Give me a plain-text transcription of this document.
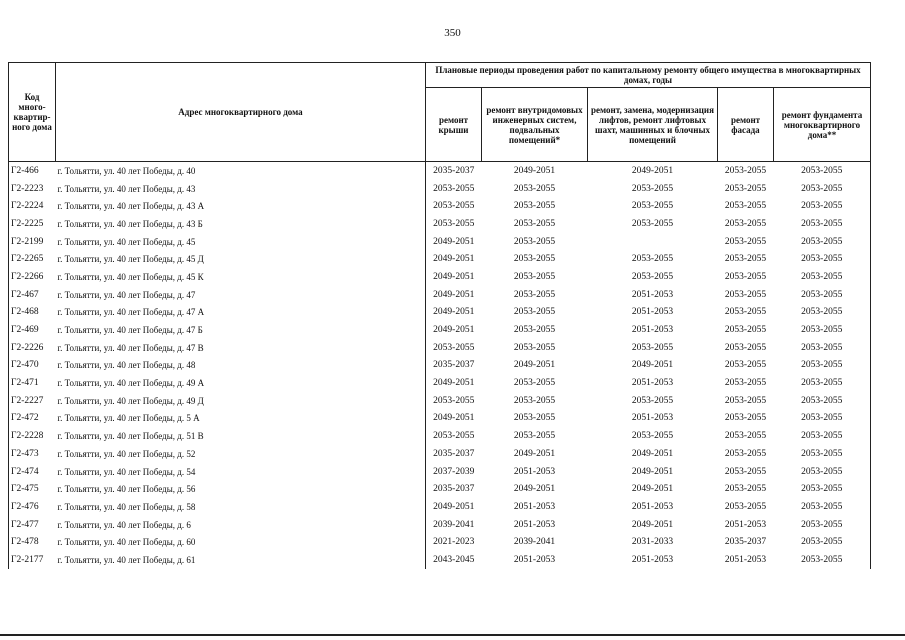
350
Код много-квартир-ного дома	Адрес многоквартирного дома	Плановые периоды проведения работ по капитальному ремонту общего имущества в многоквартирных домах, годы				
		ремонт крыши	ремонт внутридомовых инженерных систем, подвальных помещений*	ремонт, замена, модернизация лифтов, ремонт лифтовых шахт, машинных и блочных помещений	ремонт фасада	ремонт фундамента многоквартирного дома**
Г2-466	г. Тольятти, ул. 40 лет Победы, д. 40	2035-2037	2049-2051	2049-2051	2053-2055	2053-2055
Г2-2223	г. Тольятти, ул. 40 лет Победы, д. 43	2053-2055	2053-2055	2053-2055	2053-2055	2053-2055
Г2-2224	г. Тольятти, ул. 40 лет Победы, д. 43 А	2053-2055	2053-2055	2053-2055	2053-2055	2053-2055
Г2-2225	г. Тольятти, ул. 40 лет Победы, д. 43 Б	2053-2055	2053-2055	2053-2055	2053-2055	2053-2055
Г2-2199	г. Тольятти, ул. 40 лет Победы, д. 45	2049-2051	2053-2055		2053-2055	2053-2055
Г2-2265	г. Тольятти, ул. 40 лет Победы, д. 45 Д	2049-2051	2053-2055	2053-2055	2053-2055	2053-2055
Г2-2266	г. Тольятти, ул. 40 лет Победы, д. 45 К	2049-2051	2053-2055	2053-2055	2053-2055	2053-2055
Г2-467	г. Тольятти, ул. 40 лет Победы, д. 47	2049-2051	2053-2055	2051-2053	2053-2055	2053-2055
Г2-468	г. Тольятти, ул. 40 лет Победы, д. 47 А	2049-2051	2053-2055	2051-2053	2053-2055	2053-2055
Г2-469	г. Тольятти, ул. 40 лет Победы, д. 47 Б	2049-2051	2053-2055	2051-2053	2053-2055	2053-2055
Г2-2226	г. Тольятти, ул. 40 лет Победы, д. 47 В	2053-2055	2053-2055	2053-2055	2053-2055	2053-2055
Г2-470	г. Тольятти, ул. 40 лет Победы, д. 48	2035-2037	2049-2051	2049-2051	2053-2055	2053-2055
Г2-471	г. Тольятти, ул. 40 лет Победы, д. 49 А	2049-2051	2053-2055	2051-2053	2053-2055	2053-2055
Г2-2227	г. Тольятти, ул. 40 лет Победы, д. 49 Д	2053-2055	2053-2055	2053-2055	2053-2055	2053-2055
Г2-472	г. Тольятти, ул. 40 лет Победы, д. 5 А	2049-2051	2053-2055	2051-2053	2053-2055	2053-2055
Г2-2228	г. Тольятти, ул. 40 лет Победы, д. 51 В	2053-2055	2053-2055	2053-2055	2053-2055	2053-2055
Г2-473	г. Тольятти, ул. 40 лет Победы, д. 52	2035-2037	2049-2051	2049-2051	2053-2055	2053-2055
Г2-474	г. Тольятти, ул. 40 лет Победы, д. 54	2037-2039	2051-2053	2049-2051	2053-2055	2053-2055
Г2-475	г. Тольятти, ул. 40 лет Победы, д. 56	2035-2037	2049-2051	2049-2051	2053-2055	2053-2055
Г2-476	г. Тольятти, ул. 40 лет Победы, д. 58	2049-2051	2051-2053	2051-2053	2053-2055	2053-2055
Г2-477	г. Тольятти, ул. 40 лет Победы, д. 6	2039-2041	2051-2053	2049-2051	2051-2053	2053-2055
Г2-478	г. Тольятти, ул. 40 лет Победы, д. 60	2021-2023	2039-2041	2031-2033	2035-2037	2053-2055
Г2-2177	г. Тольятти, ул. 40 лет Победы, д. 61	2043-2045	2051-2053	2051-2053	2051-2053	2053-2055
